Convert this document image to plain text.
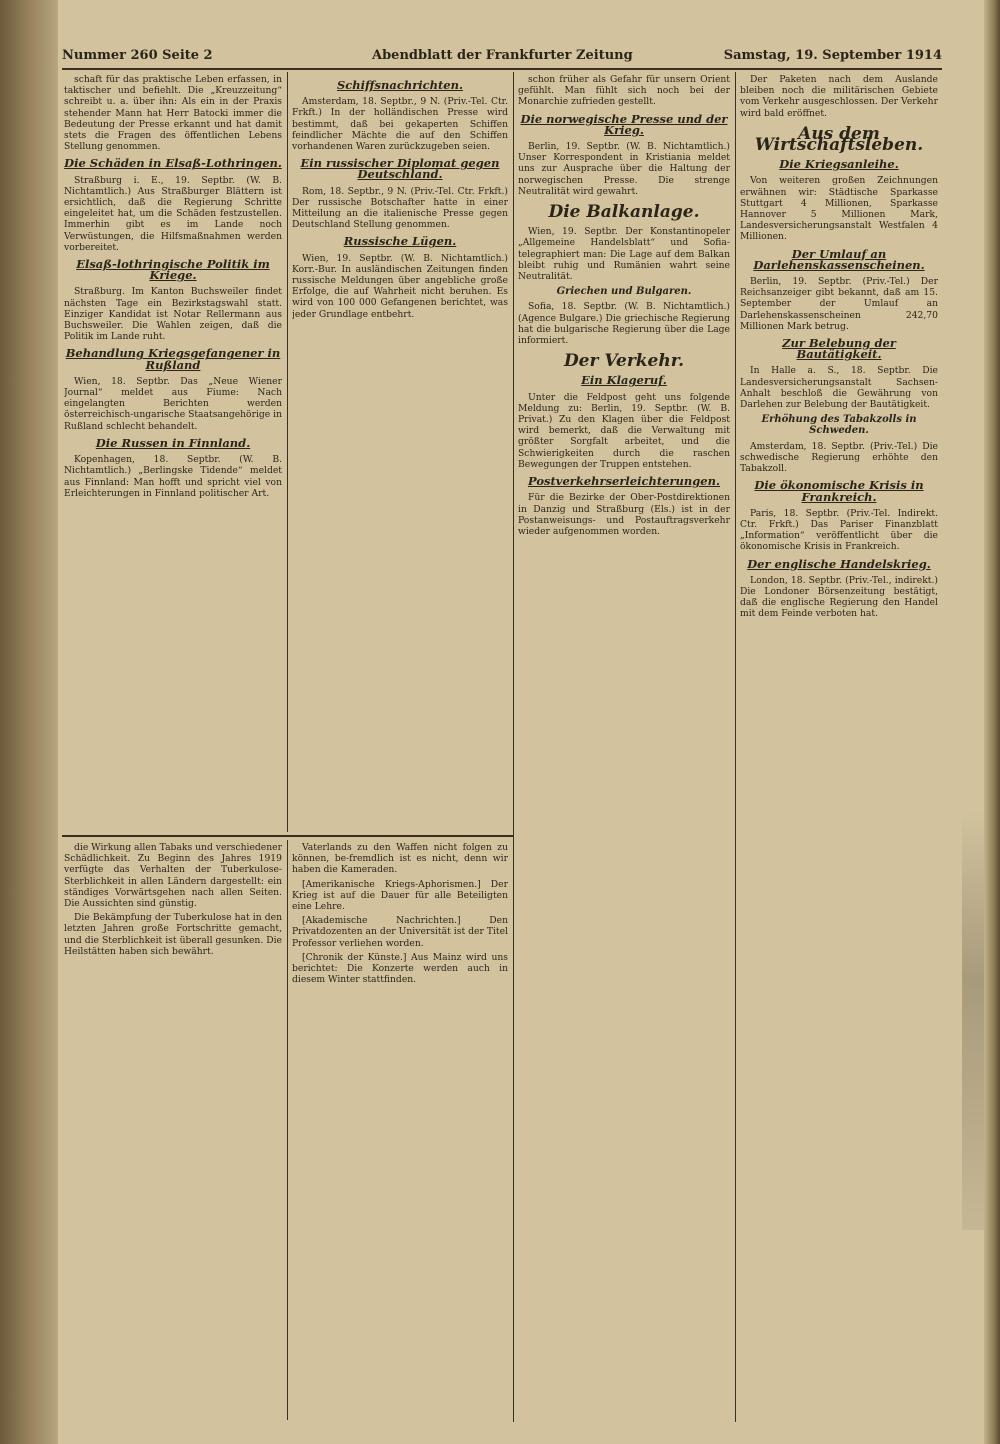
Nummer 260 Seite 2	Abendblatt der Frankfurter Zeitung	Samstag, 19. September 1914

schaft für das praktische Leben erfassen, in taktischer und befiehlt. Die „Kreuzzeitung“ schreibt u. a. über ihn: Als ein in der Praxis stehender Mann hat Herr Batocki immer die Bedeutung der Presse erkannt und hat damit stets die Fragen des öffentlichen Lebens Stellung genommen.

Die Schäden in Elsaß-Lothringen.

Straßburg i. E., 19. Septbr. (W. B. Nichtamtlich.) Aus Straßburger Blättern ist ersichtlich, daß die Regierung Schritte eingeleitet hat, um die Schäden festzustellen. Immerhin gibt es im Lande noch Verwüstungen, die Hilfsmaßnahmen werden vorbereitet.

Elsaß-lothringische Politik im Kriege.

Straßburg. Im Kanton Buchsweiler findet nächsten Tage ein Bezirkstagswahl statt. Einziger Kandidat ist Notar Rellermann aus Buchsweiler. Die Wahlen zeigen, daß die Politik im Lande ruht.

Behandlung Kriegsgefangener in Rußland

Wien, 18. Septbr. Das „Neue Wiener Journal“ meldet aus Fiume: Nach eingelangten Berichten werden österreichisch-ungarische Staatsangehörige in Rußland schlecht behandelt.

Die Russen in Finnland.

Kopenhagen, 18. Septbr. (W. B. Nichtamtlich.) „Berlingske Tidende“ meldet aus Finnland: Man hofft und spricht viel von Erleichterungen in Finnland politischer Art.

Schiffsnachrichten.

Amsterdam, 18. Septbr., 9 N. (Priv.-Tel. Ctr. Frkft.) In der holländischen Presse wird bestimmt, daß bei gekaperten Schiffen feindlicher Mächte die auf den Schiffen vorhandenen Waren zurückzugeben seien.

Ein russischer Diplomat gegen Deutschland.

Rom, 18. Septbr., 9 N. (Priv.-Tel. Ctr. Frkft.) Der russische Botschafter hatte in einer Mitteilung an die italienische Presse gegen Deutschland Stellung genommen.

Russische Lügen.

Wien, 19. Septbr. (W. B. Nichtamtlich.) Korr.-Bur. In ausländischen Zeitungen finden russische Meldungen über angebliche große Erfolge, die auf Wahrheit nicht beruhen. Es wird von 100 000 Gefangenen berichtet, was jeder Grundlage entbehrt.

schon früher als Gefahr für unsern Orient gefühlt. Man fühlt sich noch bei der Monarchie zufrieden gestellt.

Die norwegische Presse und der Krieg.

Berlin, 19. Septbr. (W. B. Nichtamtlich.) Unser Korrespondent in Kristiania meldet uns zur Ausprache über die Haltung der norwegischen Presse. Die strenge Neutralität wird gewahrt.

Die Balkanlage.

Wien, 19. Septbr. Der Konstantinopeler „Allgemeine Handelsblatt“ und Sofia-telegraphiert man: Die Lage auf dem Balkan bleibt ruhig und Rumänien wahrt seine Neutralität.

Griechen und Bulgaren.

Sofia, 18. Septbr. (W. B. Nichtamtlich.) (Agence Bulgare.) Die griechische Regierung hat die bulgarische Regierung über die Lage informiert.

Der Verkehr.
Ein Klageruf.

Unter die Feldpost geht uns folgende Meldung zu: Berlin, 19. Septbr. (W. B. Privat.) Zu den Klagen über die Feldpost wird bemerkt, daß die Verwaltung mit größter Sorgfalt arbeitet, und die Schwierigkeiten durch die raschen Bewegungen der Truppen entstehen.

Postverkehrserleichterungen.

Für die Bezirke der Ober-Postdirektionen in Danzig und Straßburg (Els.) ist in der Postanweisungs- und Postauftragsverkehr wieder aufgenommen worden.

Der Paketen nach dem Auslande bleiben noch die militärischen Gebiete vom Verkehr ausgeschlossen. Der Verkehr wird bald eröffnet.

Aus dem Wirtschaftsleben.
Die Kriegsanleihe.

Von weiteren großen Zeichnungen erwähnen wir: Städtische Sparkasse Stuttgart 4 Millionen, Sparkasse Hannover 5 Millionen Mark, Landesversicherungsanstalt Westfalen 4 Millionen.

Der Umlauf an Darlehenskassenscheinen.

Berlin, 19. Septbr. (Priv.-Tel.) Der Reichsanzeiger gibt bekannt, daß am 15. September der Umlauf an Darlehenskassenscheinen 242,70 Millionen Mark betrug.

Zur Belebung der Bautätigkeit.

In Halle a. S., 18. Septbr. Die Landesversicherungsanstalt Sachsen-Anhalt beschloß die Gewährung von Darlehen zur Belebung der Bautätigkeit.

Erhöhung des Tabakzolls in Schweden.

Amsterdam, 18. Septbr. (Priv.-Tel.) Die schwedische Regierung erhöhte den Tabakzoll.

Die ökonomische Krisis in Frankreich.

Paris, 18. Septbr. (Priv.-Tel. Indirekt. Ctr. Frkft.) Das Pariser Finanzblatt „Information“ veröffentlicht über die ökonomische Krisis in Frankreich.

Der englische Handelskrieg.

London, 18. Septbr. (Priv.-Tel., indirekt.) Die Londoner Börsenzeitung bestätigt, daß die englische Regierung den Handel mit dem Feinde verboten hat.

die Wirkung allen Tabaks und verschiedener Schädlichkeit. Zu Beginn des Jahres 1919 verfügte das Verhalten der Tuberkulose-Sterblichkeit in allen Ländern dargestellt: ein ständiges Vorwärtsgehen nach allen Seiten. Die Aussichten sind günstig.

Die Bekämpfung der Tuberkulose hat in den letzten Jahren große Fortschritte gemacht, und die Sterblichkeit ist überall gesunken. Die Heilstätten haben sich bewährt.

Vaterlands zu den Waffen nicht folgen zu können, be-fremdlich ist es nicht, denn wir haben die Kameraden.

[Amerikanische Kriegs-Aphorismen.] Der Krieg ist auf die Dauer für alle Beteiligten eine Lehre.

[Akademische Nachrichten.] Den Privatdozenten an der Universität ist der Titel Professor verliehen worden.

[Chronik der Künste.] Aus Mainz wird uns berichtet: Die Konzerte werden auch in diesem Winter stattfinden.
